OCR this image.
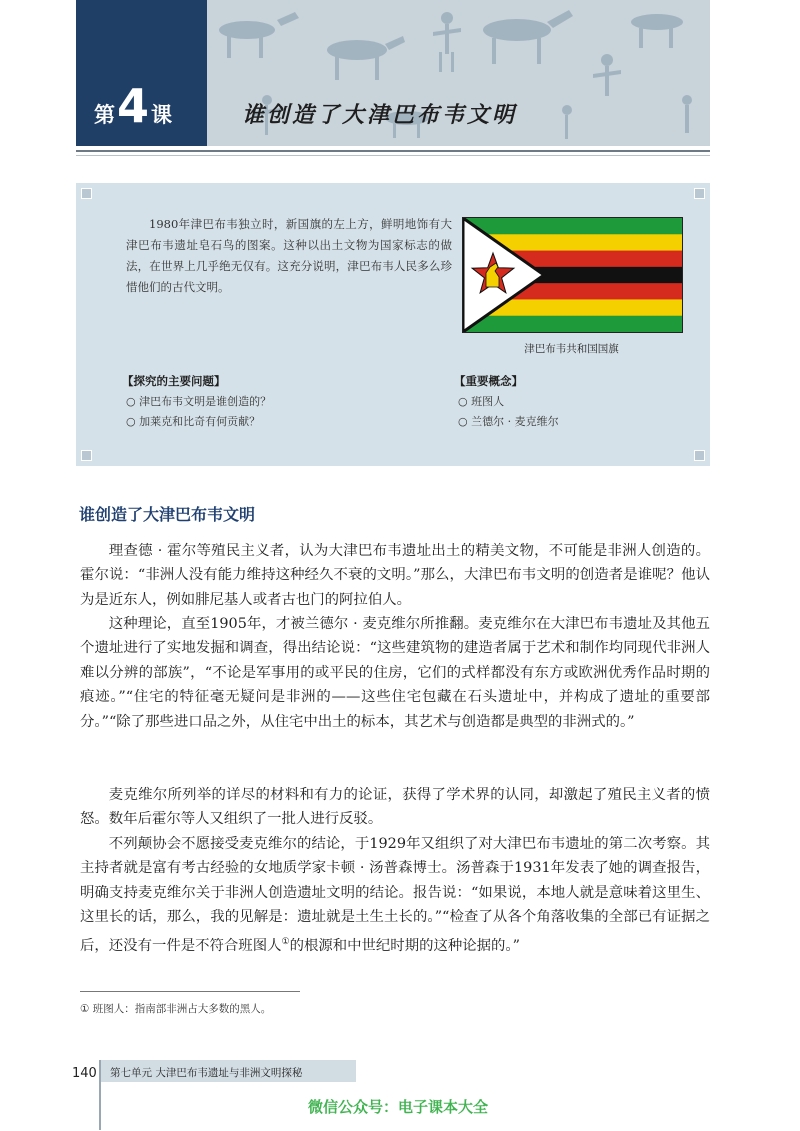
第4课	谁创造了大津巴布韦文明

1980年津巴布韦独立时，新国旗的左上方，鲜明地饰有大津巴布韦遗址皂石鸟的图案。这种以出土文物为国家标志的做法，在世界上几乎绝无仅有。这充分说明，津巴布韦人民多么珍惜他们的古代文明。

津巴布韦共和国国旗
【探究的主要问题】
○ 津巴布韦文明是谁创造的？
○ 加莱克和比奇有何贡献？
【重要概念】
○ 班图人
○ 兰德尔 · 麦克维尔
谁创造了大津巴布韦文明

理查德 · 霍尔等殖民主义者，认为大津巴布韦遗址出土的精美文物，不可能是非洲人创造的。霍尔说：“非洲人没有能力维持这种经久不衰的文明。”那么，大津巴布韦文明的创造者是谁呢？他认为是近东人，例如腓尼基人或者古也门的阿拉伯人。

这种理论，直至1905年，才被兰德尔 · 麦克维尔所推翻。麦克维尔在大津巴布韦遗址及其他五个遗址进行了实地发掘和调查，得出结论说：“这些建筑物的建造者属于艺术和制作均同现代非洲人难以分辨的部族”，“不论是军事用的或平民的住房，它们的式样都没有东方或欧洲优秀作品时期的痕迹。”“住宅的特征毫无疑问是非洲的——这些住宅包藏在石头遗址中，并构成了遗址的重要部分。”“除了那些进口品之外，从住宅中出土的标本，其艺术与创造都是典型的非洲式的。”

麦克维尔所列举的详尽的材料和有力的论证，获得了学术界的认同，却激起了殖民主义者的愤怒。数年后霍尔等人又组织了一批人进行反驳。

不列颠协会不愿接受麦克维尔的结论，于1929年又组织了对大津巴布韦遗址的第二次考察。其主持者就是富有考古经验的女地质学家卡顿 · 汤普森博士。汤普森于1931年发表了她的调查报告，明确支持麦克维尔关于非洲人创造遗址文明的结论。报告说：“如果说，本地人就是意味着这里生、这里长的话，那么，我的见解是：遗址就是土生土长的。”“检查了从各个角落收集的全部已有证据之后，还没有一件是不符合班图人①的根源和中世纪时期的这种论据的。”

① 班图人：指南部非洲占大多数的黑人。
140 第七单元 大津巴布韦遗址与非洲文明探秘
微信公众号：电子课本大全
